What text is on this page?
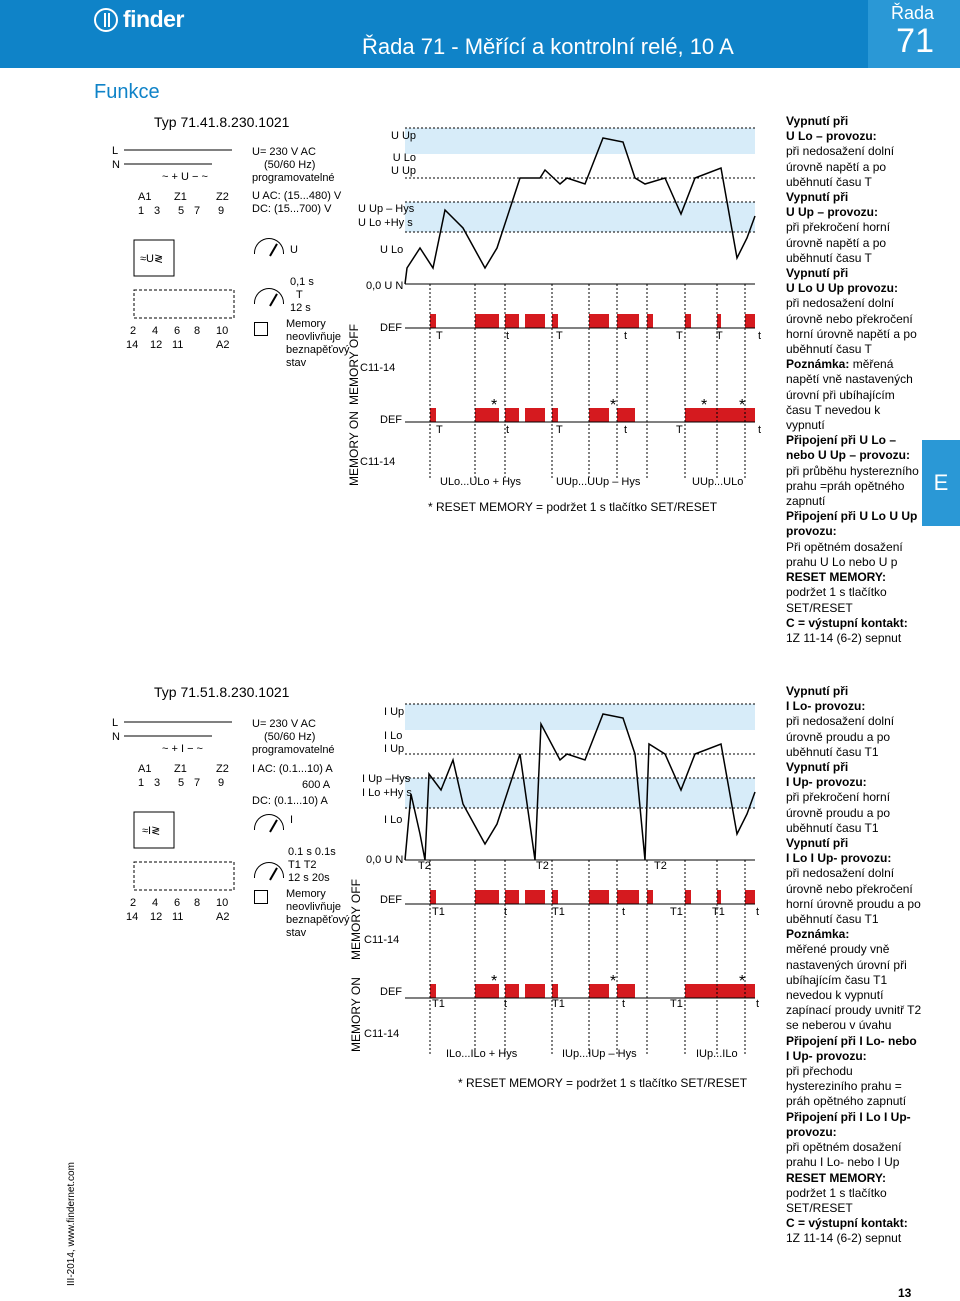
finder
Řada 71 - Měřící a kontrolní relé, 10 A
Řada
71
E
Funkce
Typ 71.41.8.230.1021
L
N
A1 Z1	Z2
1 3 5 7 9
~ + U − ~
≈U≷
2 4 6 8 10
14 12 11	A2
U= 230 V AC
(50/60 Hz)
programovatelné
U AC: (15...480) V
DC: (15...700) V
U
0,1 s
T
12 s
Memory
neovlivňuje
beznapěťový
stav
*	*	* *
U Up
U Lo
U Up
U Up – Hys
U Lo +Hy s
U Lo
0,0 U N
MEMORY OFF
MEMORY ON
DEF
C11-14
DEF
C11-14
T	t	T	t	T	T	t
T	t	T	t	T	t
ULo...ULo + Hys	UUp...UUp – Hys	UUp...ULo
* RESET MEMORY = podržet 1 s tlačítko SET/RESET

Vypnutí při

U Lo – provozu:

při nedosažení dolní úrovně napětí a po uběhnutí času T

Vypnutí při

U Up – provozu:

při překročení horní úrovně napětí a po uběhnutí času T

Vypnutí při

U Lo U Up provozu:

při nedosažení dolní úrovně nebo překročení horní úrovně napětí a po uběhnutí času T

Poznámka: měřená napětí vně nastavených úrovní při ubíhajícím času T nevedou k vypnutí

Připojení při U Lo –

nebo U Up – provozu:

při průběhu hysterezního prahu =práh opětného zapnutí

Připojení při U Lo U Up provozu:

Při opětném dosažení prahu U Lo nebo U p

RESET MEMORY:

podržet 1 s tlačítko SET/RESET

C = výstupní kontakt:

1Z 11-14 (6-2) sepnut

Typ 71.51.8.230.1021
L
N
A1 Z1	Z2
1 3 5 7 9
~ + I − ~
≈I≷
2 4 6 8 10
14 12 11	A2
U= 230 V AC
(50/60 Hz)
programovatelné
I AC: (0.1...10) A
600 A
DC: (0.1...10) A
I
0.1 s 0.1s
T1 T2
12 s 20s
Memory
neovlivňuje
beznapěťový
stav
*	*	*
I Up
I Lo
I Up
I Up –Hys
I Lo +Hy s
I Lo
0,0 U N
MEMORY OFF
MEMORY ON
DEF
C11-14
DEF
C11-14
T2	T2	T2
T1	t	T1	t	T1	T1	t
T1	t	T1	t	T1	t
ILo...ILo + Hys	IUp...IUp – Hys	IUp...ILo
* RESET MEMORY = podržet 1 s tlačítko SET/RESET

Vypnutí při

I Lo- provozu:

při nedosažení dolní úrovně proudu a po uběhnutí času T1

Vypnutí při

I Up- provozu:

při překročení horní úrovně proudu a po uběhnutí času T1

Vypnutí při

I Lo I Up- provozu:

při nedosažení dolní úrovně nebo překročení horní úrovně proudu a po uběhnutí času T1

Poznámka:

měřené proudy vně nastavených úrovní při ubíhajícím času T1 nevedou k vypnutí zapínací proudy uvnitř T2 se neberou v úvahu

Připojení při I Lo- nebo I Up- provozu:

při přechodu hystereziního prahu = práh opětného zapnutí

Připojení při I Lo I Up- provozu:

při opětném dosažení prahu I Lo- nebo I Up

RESET MEMORY:

podržet 1 s tlačítko SET/RESET

C = výstupní kontakt:

1Z 11-14 (6-2) sepnut

III-2014, www.findernet.com
13
